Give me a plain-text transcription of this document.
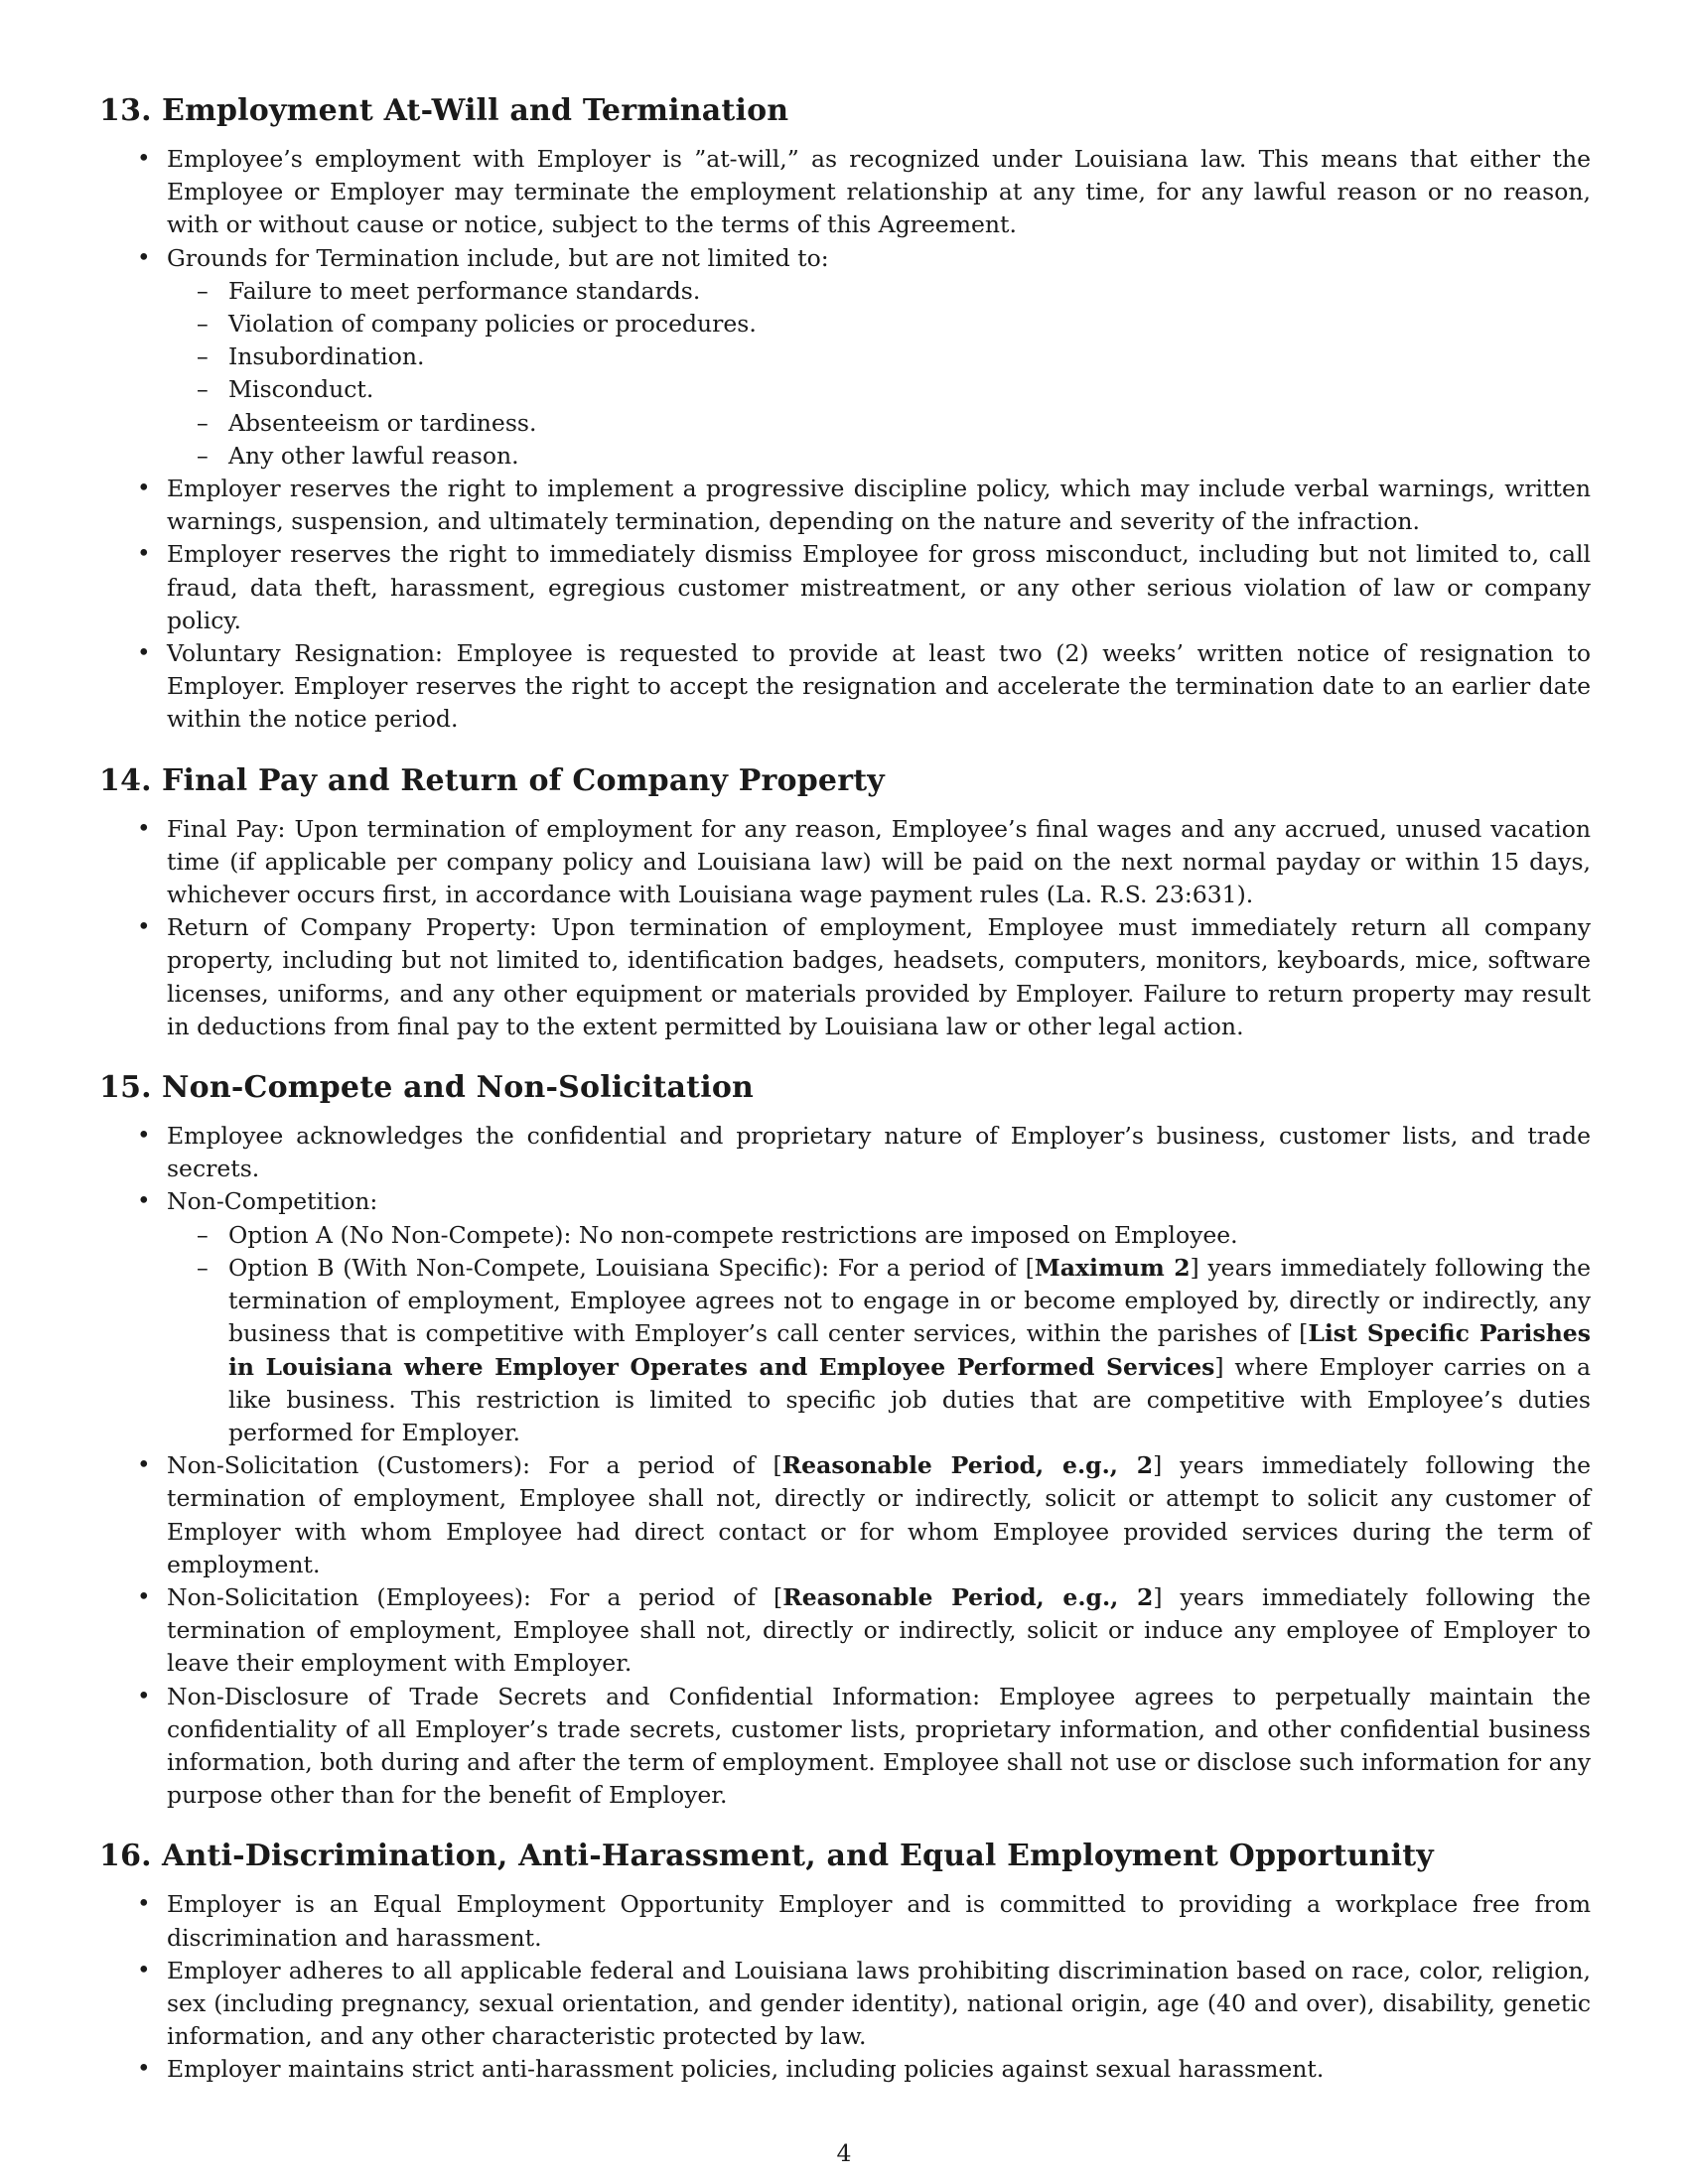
13. Employment At-Will and Termination
• Employee’s employment with Employer is ”at-will,” as recognized under Louisiana law. This means that either the Employee or Employer may terminate the employment relationship at any time, for any lawful reason or no reason, with or without cause or notice, subject to the terms of this Agreement.
• Grounds for Termination include, but are not limited to:
– Failure to meet performance standards.
– Violation of company policies or procedures.
– Insubordination.
– Misconduct.
– Absenteeism or tardiness.
– Any other lawful reason.
• Employer reserves the right to implement a progressive discipline policy, which may include verbal warnings, written warnings, suspension, and ultimately termination, depending on the nature and severity of the infraction.
• Employer reserves the right to immediately dismiss Employee for gross misconduct, including but not limited to, call fraud, data theft, harassment, egregious customer mistreatment, or any other serious violation of law or company policy.
• Voluntary Resignation: Employee is requested to provide at least two (2) weeks’ written notice of resignation to Employer. Employer reserves the right to accept the resignation and accelerate the termination date to an earlier date within the notice period.
14. Final Pay and Return of Company Property
• Final Pay: Upon termination of employment for any reason, Employee’s final wages and any accrued, unused vacation time (if applicable per company policy and Louisiana law) will be paid on the next normal payday or within 15 days, whichever occurs first, in accordance with Louisiana wage payment rules (La. R.S. 23:631).
• Return of Company Property: Upon termination of employment, Employee must immediately return all company property, including but not limited to, identification badges, headsets, computers, monitors, keyboards, mice, software licenses, uniforms, and any other equipment or materials provided by Employer. Failure to return property may result in deductions from final pay to the extent permitted by Louisiana law or other legal action.
15. Non-Compete and Non-Solicitation
• Employee acknowledges the confidential and proprietary nature of Employer’s business, customer lists, and trade secrets.
• Non-Competition:
– Option A (No Non-Compete): No non-compete restrictions are imposed on Employee.
– Option B (With Non-Compete, Louisiana Specific): For a period of [Maximum 2] years immediately following the termination of employment, Employee agrees not to engage in or become employed by, directly or indirectly, any business that is competitive with Employer’s call center services, within the parishes of [List Specific Parishes in Louisiana where Employer Operates and Employee Performed Services] where Employer carries on a like business. This restriction is limited to specific job duties that are competitive with Employee’s duties performed for Employer.
• Non-Solicitation (Customers): For a period of [Reasonable Period, e.g., 2] years immediately following the termination of employment, Employee shall not, directly or indirectly, solicit or attempt to solicit any customer of Employer with whom Employee had direct contact or for whom Employee provided services during the term of employment.
• Non-Solicitation (Employees): For a period of [Reasonable Period, e.g., 2] years immediately following the termination of employment, Employee shall not, directly or indirectly, solicit or induce any employee of Employer to leave their employment with Employer.
• Non-Disclosure of Trade Secrets and Confidential Information: Employee agrees to perpetually maintain the confidentiality of all Employer’s trade secrets, customer lists, proprietary information, and other confidential business information, both during and after the term of employment. Employee shall not use or disclose such information for any purpose other than for the benefit of Employer.
16. Anti-Discrimination, Anti-Harassment, and Equal Employment Opportunity
• Employer is an Equal Employment Opportunity Employer and is committed to providing a workplace free from discrimination and harassment.
• Employer adheres to all applicable federal and Louisiana laws prohibiting discrimination based on race, color, religion, sex (including pregnancy, sexual orientation, and gender identity), national origin, age (40 and over), disability, genetic information, and any other characteristic protected by law.
• Employer maintains strict anti-harassment policies, including policies against sexual harassment.
4
